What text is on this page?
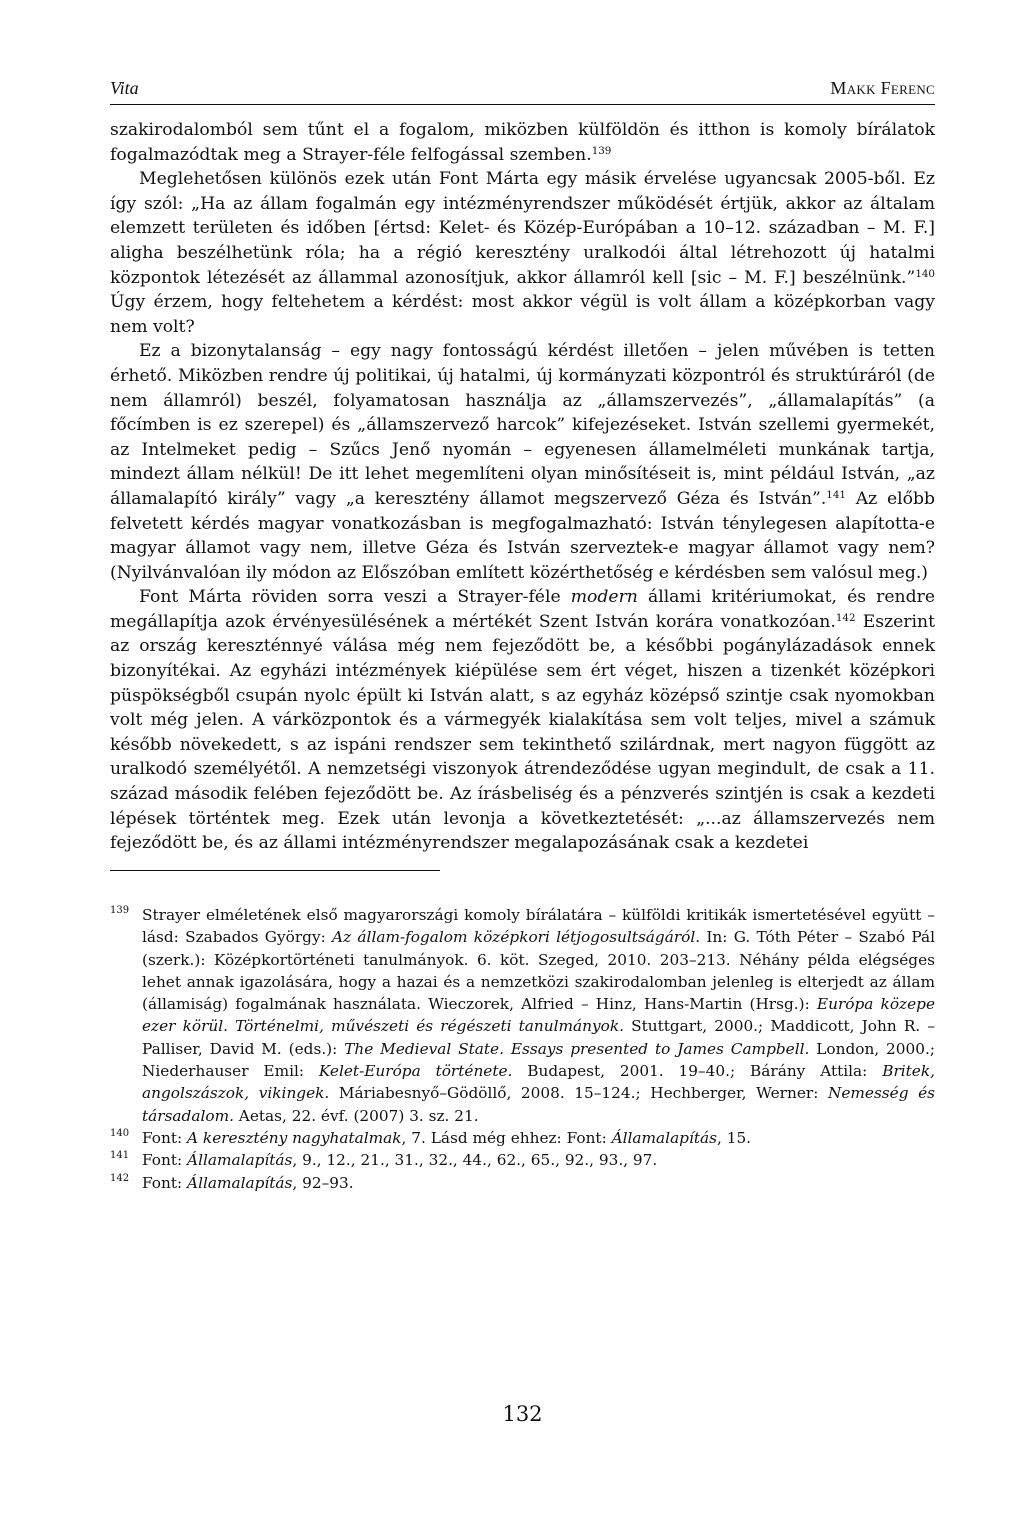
Vita	Makk Ferenc

szakirodalomból sem tűnt el a fogalom, miközben külföldön és itthon is komoly bírálatok fogalmazódtak meg a Strayer-féle felfogással szemben.$^{139}$

Meglehetősen különös ezek után Font Márta egy másik érvelése ugyancsak 2005-ből. Ez így szól: „Ha az állam fogalmán egy intézményrendszer működését értjük, akkor az általam elemzett területen és időben [értsd: Kelet- és Közép-Európában a 10–12. században – M. F.] aligha beszélhetünk róla; ha a régió keresztény uralkodói által létrehozott új hatalmi központok létezését az állammal azonosítjuk, akkor államról kell [sic – M. F.] beszélnünk.”$^{140}$ Úgy érzem, hogy feltehetem a kérdést: most akkor végül is volt állam a középkorban vagy nem volt?

Ez a bizonytalanság – egy nagy fontosságú kérdést illetően – jelen művében is tetten érhető. Miközben rendre új politikai, új hatalmi, új kormányzati központról és struktúráról (de nem államról) beszél, folyamatosan használja az „államszervezés”, „államalapítás” (a főcímben is ez szerepel) és „államszervező harcok” kifejezéseket. István szellemi gyermekét, az Intelmeket pedig – Szűcs Jenő nyomán – egyenesen államelméleti munkának tartja, mindezt állam nélkül! De itt lehet megemlíteni olyan minősítéseit is, mint például István, „az államalapító király” vagy „a keresztény államot megszervező Géza és István”.$^{141}$ Az előbb felvetett kérdés magyar vonatkozásban is megfogalmazható: István ténylegesen alapította-e magyar államot vagy nem, illetve Géza és István szerveztek-e magyar államot vagy nem? (Nyilvánvalóan ily módon az Előszóban említett közérthetőség e kérdésben sem valósul meg.)

Font Márta röviden sorra veszi a Strayer-féle modern állami kritériumokat, és rendre megállapítja azok érvényesülésének a mértékét Szent István korára vonatkozóan.$^{142}$ Eszerint az ország kereszténnyé válása még nem fejeződött be, a későbbi pogánylázadások ennek bizonyítékai. Az egyházi intézmények kiépülése sem ért véget, hiszen a tizenkét középkori püspökségből csupán nyolc épült ki István alatt, s az egyház középső szintje csak nyomokban volt még jelen. A várközpontok és a vármegyék kialakítása sem volt teljes, mivel a számuk később növekedett, s az ispáni rendszer sem tekinthető szilárdnak, mert nagyon függött az uralkodó személyétől. A nemzetségi viszonyok átrendeződése ugyan megindult, de csak a 11. század második felében fejeződött be. Az írásbeliség és a pénzverés szintjén is csak a kezdeti lépések történtek meg. Ezek után levonja a következtetését: „...az államszervezés nem fejeződött be, és az állami intézményrendszer megalapozásának csak a kezdetei

139 Strayer elméletének első magyarországi komoly bírálatára – külföldi kritikák ismertetésével együtt – lásd: Szabados György: Az állam-fogalom középkori létjogosultságáról. In: G. Tóth Péter – Szabó Pál (szerk.): Középkortörténeti tanulmányok. 6. köt. Szeged, 2010. 203–213. Néhány példa elégséges lehet annak igazolására, hogy a hazai és a nemzetközi szakirodalomban jelenleg is elterjedt az állam (államiság) fogalmának használata. Wieczorek, Alfried – Hinz, Hans-Martin (Hrsg.): Európa közepe ezer körül. Történelmi, művészeti és régészeti tanulmányok. Stuttgart, 2000.; Maddicott, John R. – Palliser, David M. (eds.): The Medieval State. Essays presented to James Campbell. London, 2000.; Niederhauser Emil: Kelet-Európa története. Budapest, 2001. 19–40.; Bárány Attila: Britek, angolszászok, vikingek. Máriabesnyő–Gödöllő, 2008. 15–124.; Hechberger, Werner: Nemesség és társadalom. Aetas, 22. évf. (2007) 3. sz. 21.

140 Font: A keresztény nagyhatalmak, 7. Lásd még ehhez: Font: Államalapítás, 15.

141 Font: Államalapítás, 9., 12., 21., 31., 32., 44., 62., 65., 92., 93., 97.

142 Font: Államalapítás, 92–93.

132
